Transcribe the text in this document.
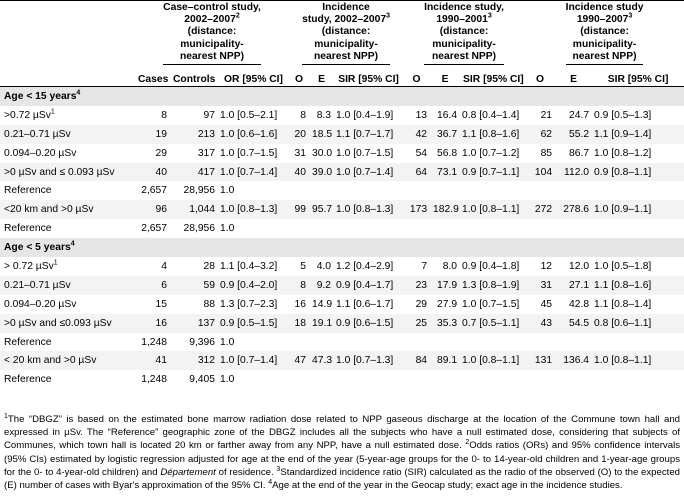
	Case–control study,
2002–2007$^2$
(distance:
municipality-
nearest NPP)			Incidence
study, 2002–2007$^3$
(distance:
municipality-
nearest NPP)			Incidence study,
1990–2001$^3$
(distance:
municipality-
nearest NPP)			Incidence study
1990–2007$^3$
(distance:
municipality-
nearest NPP)		
	Cases	Controls	OR [95% CI]	O	E	SIR [95% CI]	O	E	SIR [95% CI]	O	E	SIR [95% CI]
Age < 15 years$^4$
>0.72 µSv$^1$	8	97	1.0 [0.5–2.1]	8	8.3	1.0 [0.4–1.9]	13	16.4	0.8 [0.4–1.4]	21	24.7	0.9 [0.5–1.3]
0.21–0.71 µSv	19	213	1.0 [0.6–1.6]	20	18.5	1.1 [0.7–1.7]	42	36.7	1.1 [0.8–1.6]	62	55.2	1.1 [0.9–1.4]
0.094–0.20 µSv	29	317	1.0 [0.7–1.5]	31	30.0	1.0 [0.7–1.5]	54	56.8	1.0 [0.7–1.2]	85	86.7	1.0 [0.8–1.2]
>0 µSv and ≤ 0.093 µSv	40	417	1.0 [0.7–1.4]	40	39.0	1.0 [0.7–1.4]	64	73.1	0.9 [0.7–1.1]	104	112.0	0.9 [0.8–1.1]
Reference	2,657	28,956	1.0									
<20 km and >0 µSv	96	1,044	1.0 [0.8–1.3]	99	95.7	1.0 [0.8–1.3]	173	182.9	1.0 [0.8–1.1]	272	278.6	1.0 [0.9–1.1]
Reference	2,657	28,956	1.0									
Age < 5 years$^4$
> 0.72 µSv$^1$	4	28	1.1 [0.4–3.2]	5	4.0	1.2 [0.4–2.9]	7	8.0	0.9 [0.4–1.8]	12	12.0	1.0 [0.5–1.8]
0.21–0.71 µSv	6	59	0.9 [0.4–2.0]	8	9.2	0.9 [0.4–1.7]	23	17.9	1.3 [0.8–1.9]	31	27.1	1.1 [0.8–1.6]
0.094–0.20 µSv	15	88	1.3 [0.7–2.3]	16	14.9	1.1 [0.6–1.7]	29	27.9	1.0 [0.7–1.5]	45	42.8	1.1 [0.8–1.4]
>0 µSv and ≤0.093 µSv	16	137	0.9 [0.5–1.5]	18	19.1	0.9 [0.6–1.5]	25	35.3	0.7 [0.5–1.1]	43	54.5	0.8 [0.6–1.1]
Reference	1,248	9,396	1.0									
< 20 km and >0 µSv	41	312	1.0 [0.7–1.4]	47	47.3	1.0 [0.7–1.3]	84	89.1	1.0 [0.8–1.1]	131	136.4	1.0 [0.8–1.1]
Reference	1,248	9,405	1.0									
$^1$The “DBGZ” is based on the estimated bone marrow radiation dose related to NPP gaseous discharge at the location of the Commune town hall and expressed in µSv. The “Reference” geographic zone of the DBGZ includes all the subjects who have a null estimated dose, considering that subjects of Communes, which town hall is located 20 km or farther away from any NPP, have a null estimated dose. $^2$Odds ratios (ORs) and 95% confidence intervals (95% CIs) estimated by logistic regression adjusted for age at the end of the year (5-year-age groups for the 0- to 14-year-old children and 1-year-age groups for the 0- to 4-year-old children) and Département of residence. $^3$Standardized incidence ratio (SIR) calculated as the radio of the observed (O) to the expected (E) number of cases with Byar's approximation of the 95% CI. $^4$Age at the end of the year in the Geocap study; exact age in the incidence studies.
